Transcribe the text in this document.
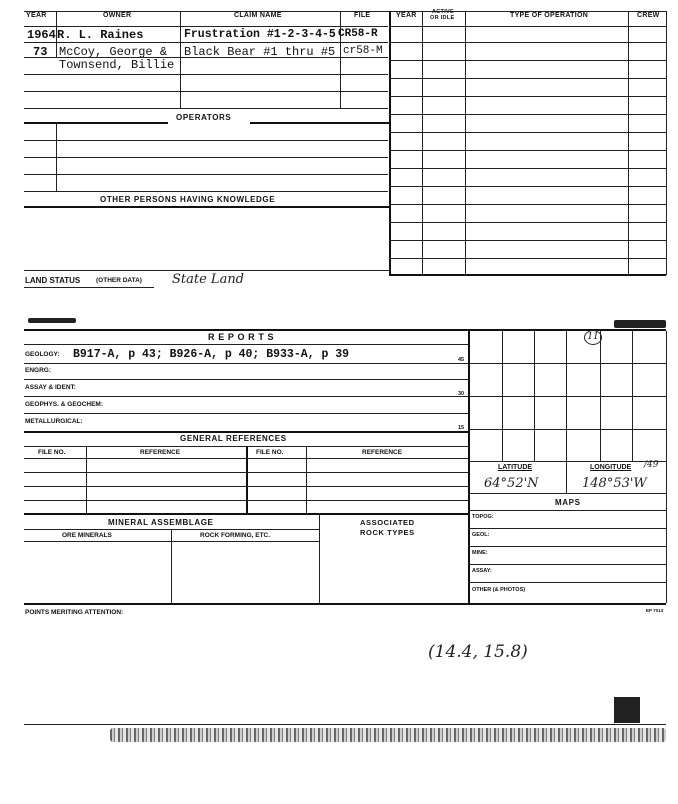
YEAR	OWNER	CLAIM NAME	FILE
1964 R. L. Raines	Frustration #1-2-3-4-5 CR58-R
73 McCoy, George &
Townsend, Billie
Black Bear #1 thru #5 cr58-M
OPERATORS
OTHER PERSONS HAVING KNOWLEDGE
YEAR	ACTIVE
OR IDLE	TYPE OF OPERATION	CREW
LAND STATUS (OTHER DATA) State Land
R E P O R T S
GEOLOGY: B917-A, p 43; B926-A, p 40; B933-A, p 39	45
ENGRG:
ASSAY & IDENT:
30
GEOPHYS. & GEOCHEM:
METALLURGICAL:
15
GENERAL REFERENCES
FILE NO.	REFERENCE	FILE NO.	REFERENCE
MINERAL ASSEMBLAGE	ASSOCIATED
ROCK TYPES
ORE MINERALS	ROCK FORMING, ETC.
11
LATITUDE	LONGITUDE /49
64°52'N	148°53'W
MAPS
TOPOG:
GEOL:
MINE:
ASSAY:
OTHER (& PHOTOS)
POINTS MERITING ATTENTION:	EP 7013
(14.4, 15.8)
